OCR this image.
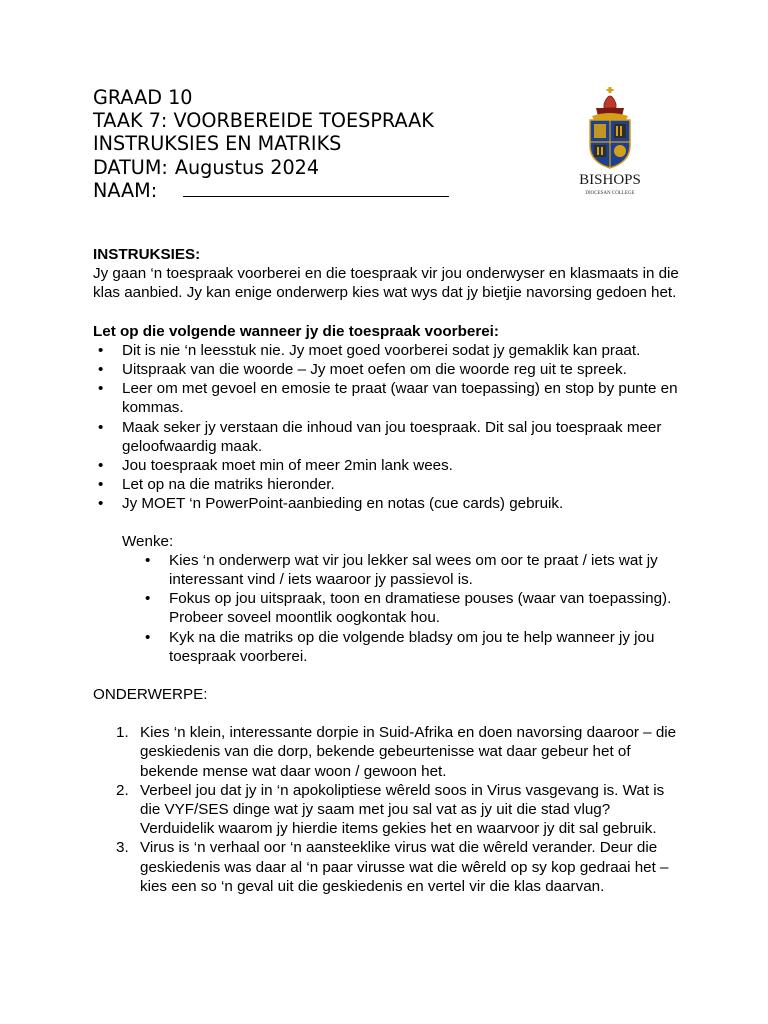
GRAAD 10
TAAK 7: VOORBEREIDE TOESPRAAK
INSTRUKSIES EN MATRIKS
DATUM: Augustus 2024
NAAM:	BISHOPS
DIOCESAN COLLEGE

INSTRUKSIES:

Jy gaan ‘n toespraak voorberei en die toespraak vir jou onderwyser en klasmaats in die klas aanbied. Jy kan enige onderwerp kies wat wys dat jy bietjie navorsing gedoen het.

Let op die volgende wanneer jy die toespraak voorberei:

• Dit is nie ‘n leesstuk nie. Jy moet goed voorberei sodat jy gemaklik kan praat.
• Uitspraak van die woorde – Jy moet oefen om die woorde reg uit te spreek.
• Leer om met gevoel en emosie te praat (waar van toepassing) en stop by punte en kommas.
• Maak seker jy verstaan die inhoud van jou toespraak. Dit sal jou toespraak meer geloofwaardig maak.
• Jou toespraak moet min of meer 2min lank wees.
• Let op na die matriks hieronder.
• Jy MOET ‘n PowerPoint-aanbieding en notas (cue cards) gebruik.

Wenke:

• Kies ‘n onderwerp wat vir jou lekker sal wees om oor te praat / iets wat jy interessant vind / iets waaroor jy passievol is.
• Fokus op jou uitspraak, toon en dramatiese pouses (waar van toepassing). Probeer soveel moontlik oogkontak hou.
• Kyk na die matriks op die volgende bladsy om jou te help wanneer jy jou toespraak voorberei.

ONDERWERPE:

1. Kies ‘n klein, interessante dorpie in Suid-Afrika en doen navorsing daaroor – die geskiedenis van die dorp, bekende gebeurtenisse wat daar gebeur het of bekende mense wat daar woon / gewoon het.
2. Verbeel jou dat jy in ‘n apokoliptiese wêreld soos in Virus vasgevang is. Wat is die VYF/SES dinge wat jy saam met jou sal vat as jy uit die stad vlug? Verduidelik waarom jy hierdie items gekies het en waarvoor jy dit sal gebruik.
3. Virus is ‘n verhaal oor ‘n aansteeklike virus wat die wêreld verander. Deur die geskiedenis was daar al ‘n paar virusse wat die wêreld op sy kop gedraai het – kies een so ‘n geval uit die geskiedenis en vertel vir die klas daarvan.
